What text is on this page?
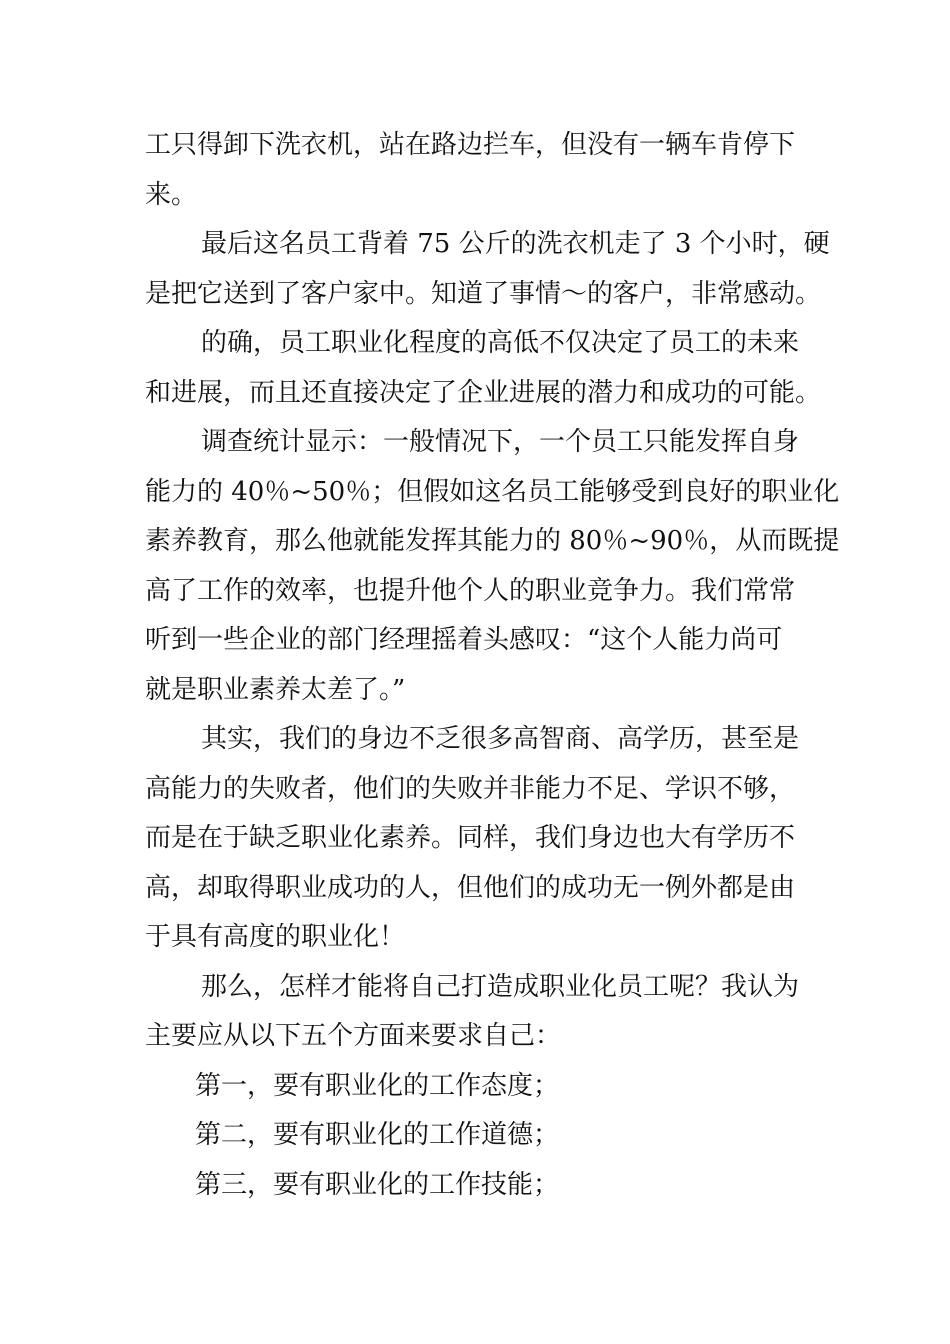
工只得卸下洗衣机，站在路边拦车，但没有一辆车肯停下
来。

最后这名员工背着 75 公斤的洗衣机走了 3 个小时，硬
是把它送到了客户家中。知道了事情～的客户，非常感动。

的确，员工职业化程度的高低不仅决定了员工的未来
和进展，而且还直接决定了企业进展的潜力和成功的可能。

调查统计显示：一般情况下，一个员工只能发挥自身
能力的 40％~50％；但假如这名员工能够受到良好的职业化
素养教育，那么他就能发挥其能力的 80％~90％，从而既提
高了工作的效率，也提升他个人的职业竞争力。我们常常
听到一些企业的部门经理摇着头感叹：“这个人能力尚可
就是职业素养太差了。”

其实，我们的身边不乏很多高智商、高学历，甚至是
高能力的失败者，他们的失败并非能力不足、学识不够，
而是在于缺乏职业化素养。同样，我们身边也大有学历不
高，却取得职业成功的人，但他们的成功无一例外都是由
于具有高度的职业化！

那么，怎样才能将自己打造成职业化员工呢？我认为
主要应从以下五个方面来要求自己：

第一，要有职业化的工作态度；
第二，要有职业化的工作道德；
第三，要有职业化的工作技能；
